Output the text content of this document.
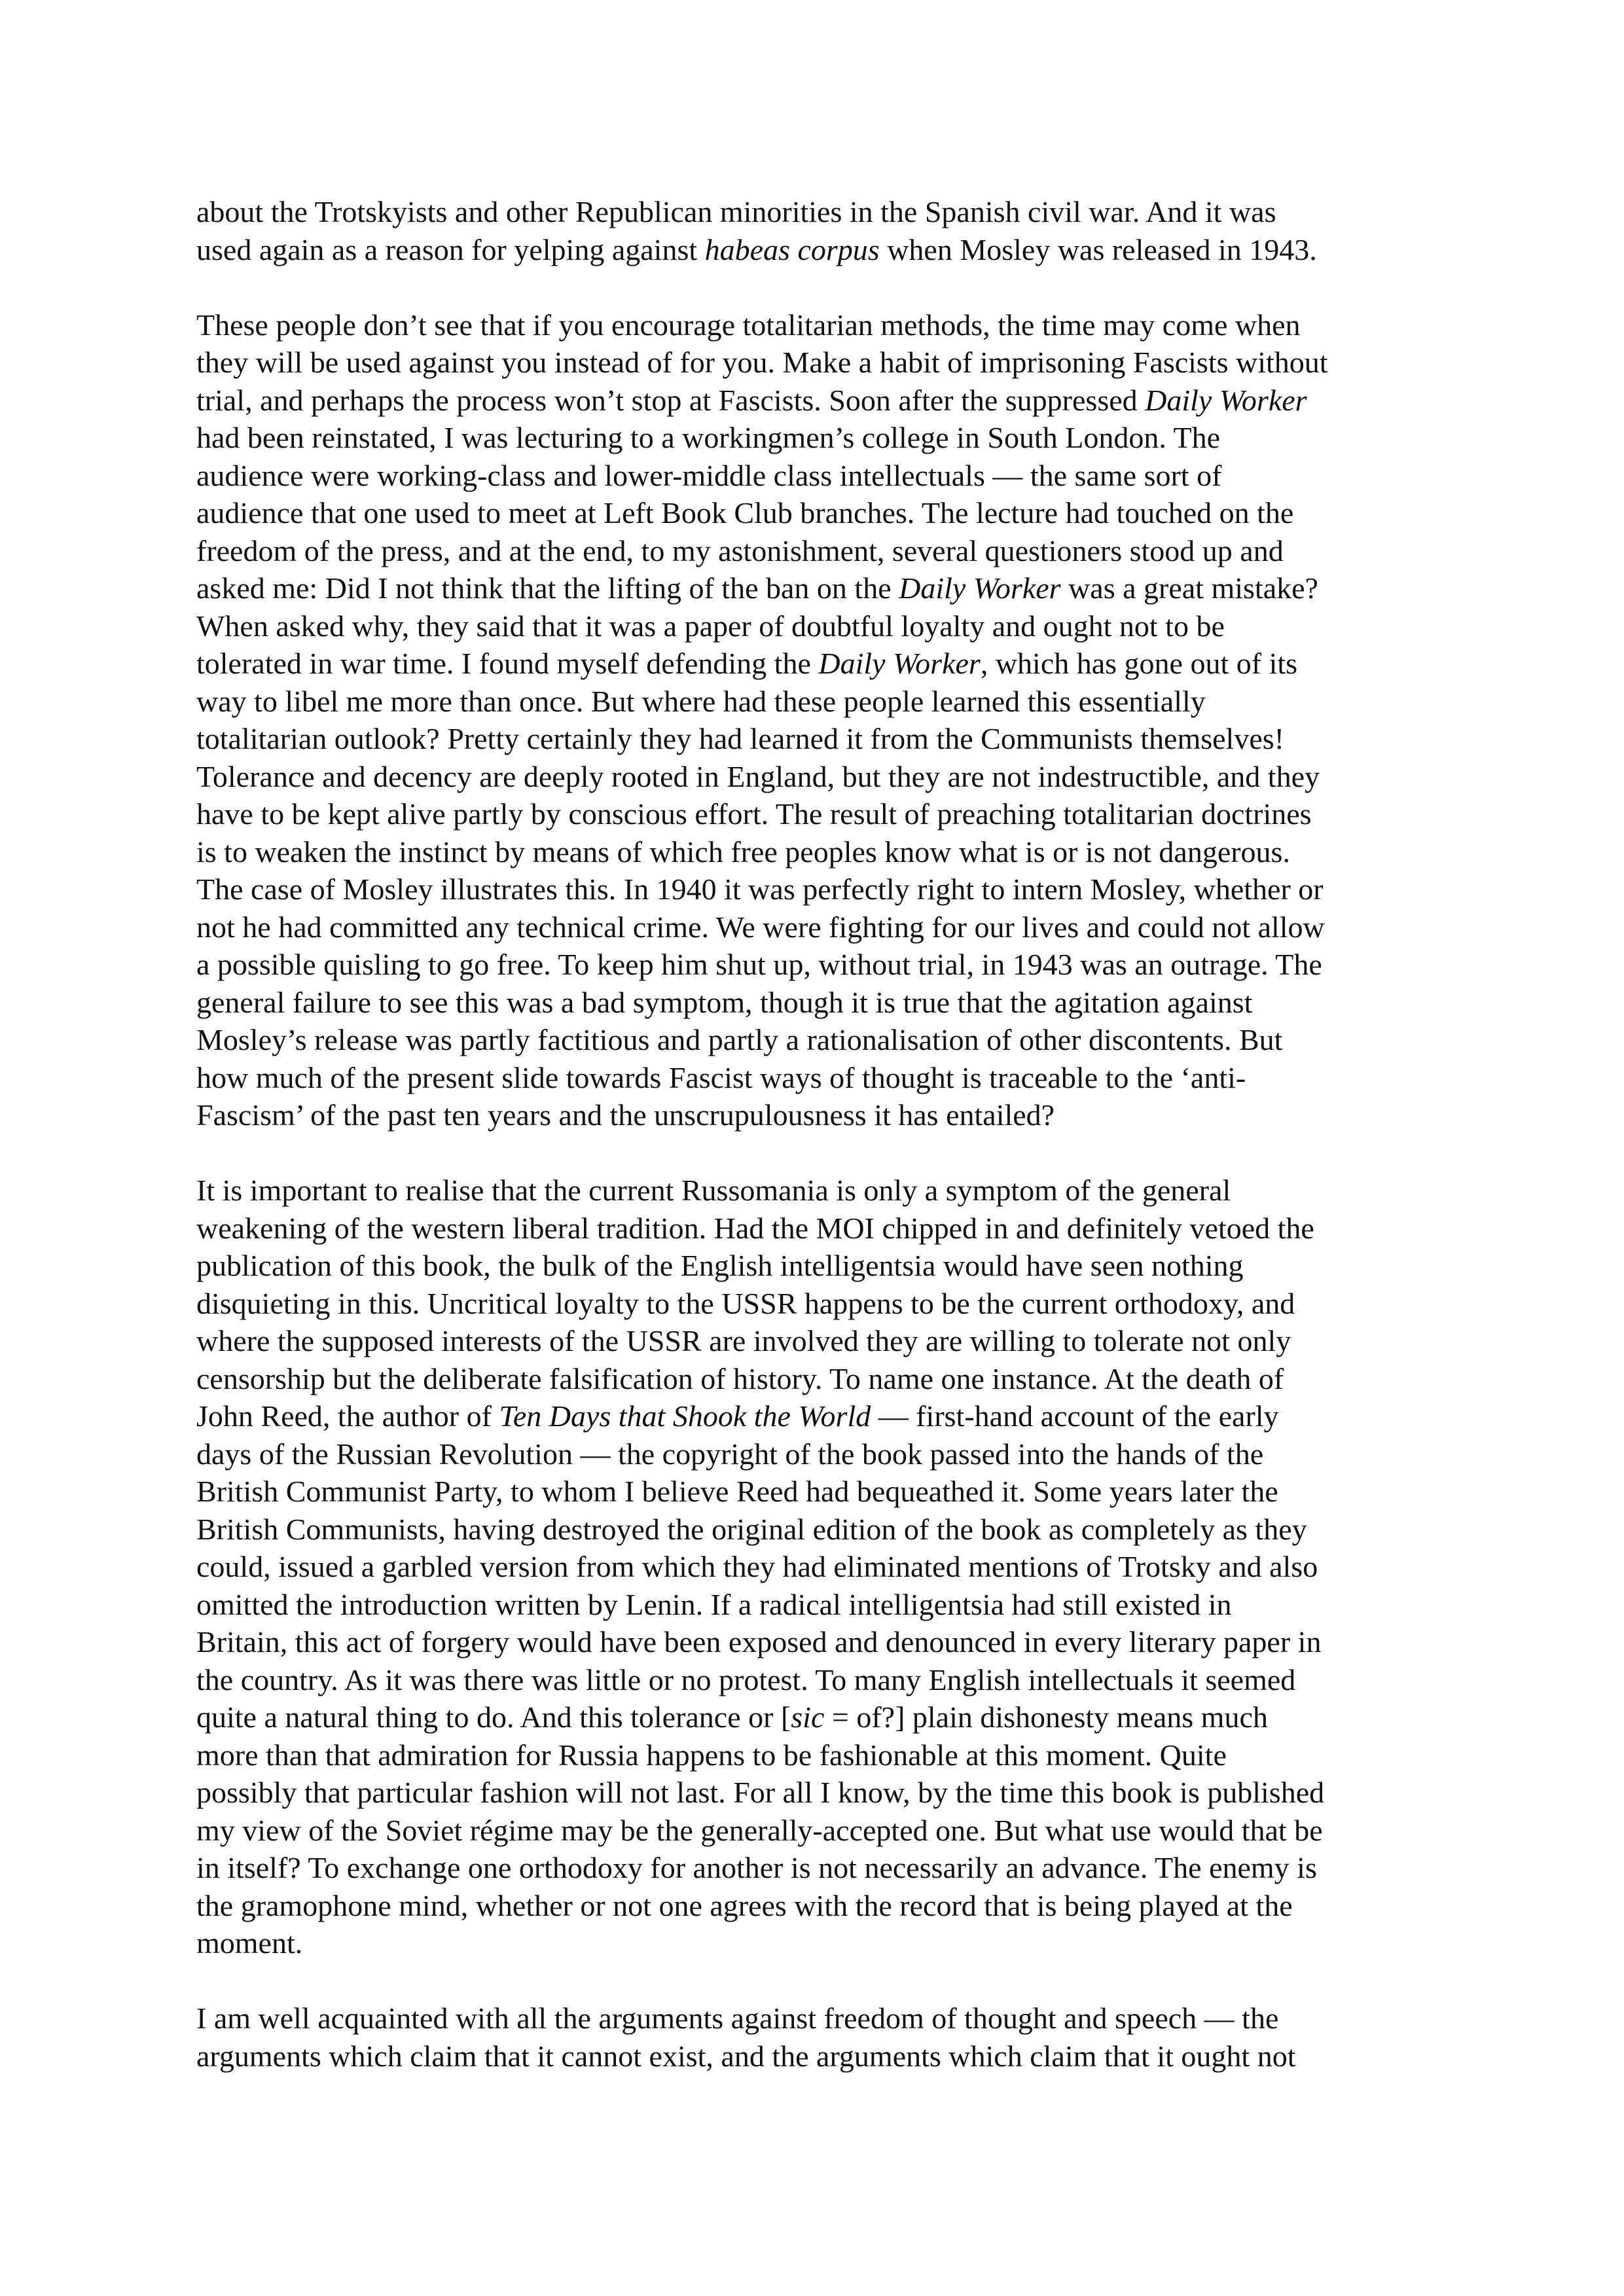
about the Trotskyists and other Republican minorities in the Spanish civil war. And it was
used again as a reason for yelping against habeas corpus when Mosley was released in 1943.
These people don’t see that if you encourage totalitarian methods, the time may come when
they will be used against you instead of for you. Make a habit of imprisoning Fascists without
trial, and perhaps the process won’t stop at Fascists. Soon after the suppressed Daily Worker
had been reinstated, I was lecturing to a workingmen’s college in South London. The
audience were working-class and lower-middle class intellectuals — the same sort of
audience that one used to meet at Left Book Club branches. The lecture had touched on the
freedom of the press, and at the end, to my astonishment, several questioners stood up and
asked me: Did I not think that the lifting of the ban on the Daily Worker was a great mistake?
When asked why, they said that it was a paper of doubtful loyalty and ought not to be
tolerated in war time. I found myself defending the Daily Worker, which has gone out of its
way to libel me more than once. But where had these people learned this essentially
totalitarian outlook? Pretty certainly they had learned it from the Communists themselves!
Tolerance and decency are deeply rooted in England, but they are not indestructible, and they
have to be kept alive partly by conscious effort. The result of preaching totalitarian doctrines
is to weaken the instinct by means of which free peoples know what is or is not dangerous.
The case of Mosley illustrates this. In 1940 it was perfectly right to intern Mosley, whether or
not he had committed any technical crime. We were fighting for our lives and could not allow
a possible quisling to go free. To keep him shut up, without trial, in 1943 was an outrage. The
general failure to see this was a bad symptom, though it is true that the agitation against
Mosley’s release was partly factitious and partly a rationalisation of other discontents. But
how much of the present slide towards Fascist ways of thought is traceable to the ‘anti-
Fascism’ of the past ten years and the unscrupulousness it has entailed?
It is important to realise that the current Russomania is only a symptom of the general
weakening of the western liberal tradition. Had the MOI chipped in and definitely vetoed the
publication of this book, the bulk of the English intelligentsia would have seen nothing
disquieting in this. Uncritical loyalty to the USSR happens to be the current orthodoxy, and
where the supposed interests of the USSR are involved they are willing to tolerate not only
censorship but the deliberate falsification of history. To name one instance. At the death of
John Reed, the author of Ten Days that Shook the World — first-hand account of the early
days of the Russian Revolution — the copyright of the book passed into the hands of the
British Communist Party, to whom I believe Reed had bequeathed it. Some years later the
British Communists, having destroyed the original edition of the book as completely as they
could, issued a garbled version from which they had eliminated mentions of Trotsky and also
omitted the introduction written by Lenin. If a radical intelligentsia had still existed in
Britain, this act of forgery would have been exposed and denounced in every literary paper in
the country. As it was there was little or no protest. To many English intellectuals it seemed
quite a natural thing to do. And this tolerance or [sic = of?] plain dishonesty means much
more than that admiration for Russia happens to be fashionable at this moment. Quite
possibly that particular fashion will not last. For all I know, by the time this book is published
my view of the Soviet régime may be the generally-accepted one. But what use would that be
in itself? To exchange one orthodoxy for another is not necessarily an advance. The enemy is
the gramophone mind, whether or not one agrees with the record that is being played at the
moment.
I am well acquainted with all the arguments against freedom of thought and speech — the
arguments which claim that it cannot exist, and the arguments which claim that it ought not
